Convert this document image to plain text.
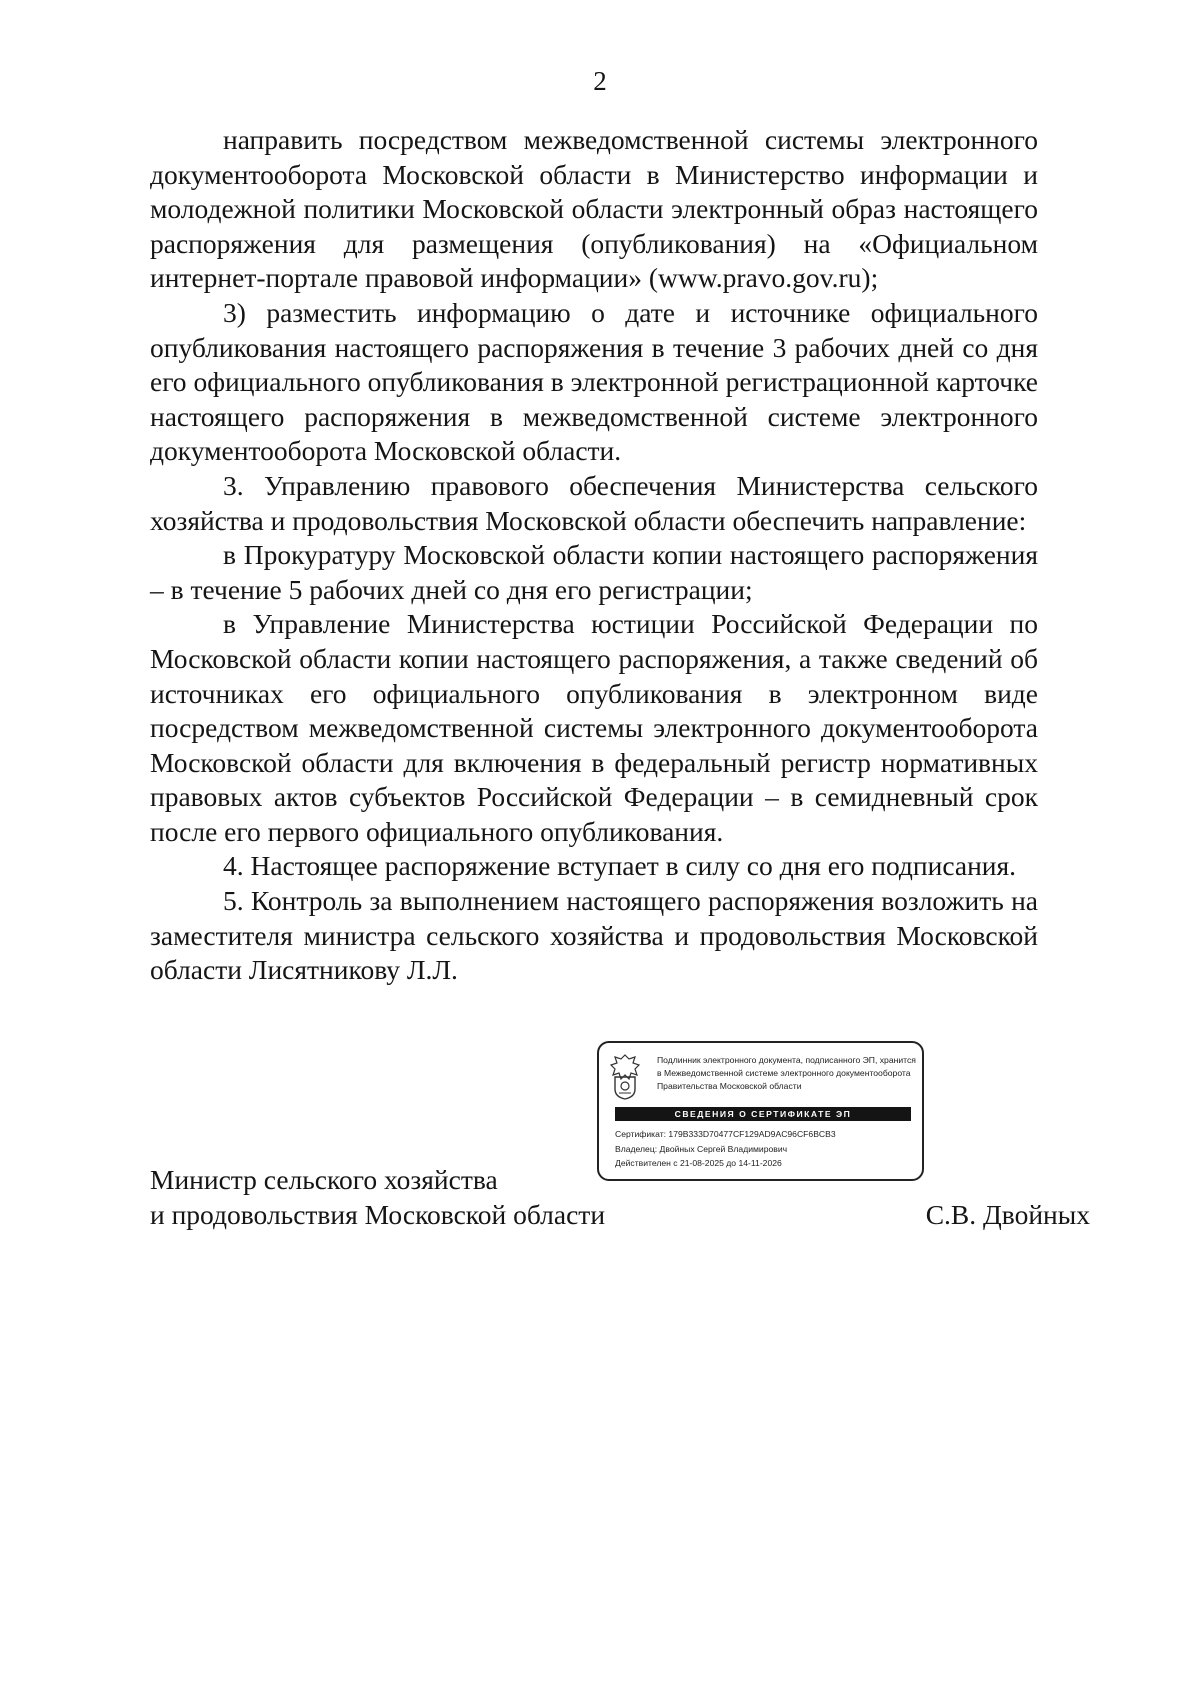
2

направить посредством межведомственной системы электронного документооборота Московской области в Министерство информации и молодежной политики Московской области электронный образ настоящего распоряжения для размещения (опубликования) на «Официальном интернет-портале правовой информации» (www.pravo.gov.ru);

3) разместить информацию о дате и источнике официального опубликования настоящего распоряжения в течение 3 рабочих дней со дня его официального опубликования в электронной регистрационной карточке настоящего распоряжения в межведомственной системе электронного документооборота Московской области.

3. Управлению правового обеспечения Министерства сельского хозяйства и продовольствия Московской области обеспечить направление:

в Прокуратуру Московской области копии настоящего распоряжения – в течение 5 рабочих дней со дня его регистрации;

в Управление Министерства юстиции Российской Федерации по Московской области копии настоящего распоряжения, а также сведений об источниках его официального опубликования в электронном виде посредством межведомственной системы электронного документооборота Московской области для включения в федеральный регистр нормативных правовых актов субъектов Российской Федерации – в семидневный срок после его первого официального опубликования.

4. Настоящее распоряжение вступает в силу со дня его подписания.

5. Контроль за выполнением настоящего распоряжения возложить на заместителя министра сельского хозяйства и продовольствия Московской области Лисятникову Л.Л.

Подлинник электронного документа, подписанного ЭП, хранится в Межведомственной системе электронного документооборота Правительства Московской области
СВЕДЕНИЯ О СЕРТИФИКАТЕ ЭП
Сертификат: 179B333D70477CF129AD9AC96CF6BCB3
Владелец: Двойных Сергей Владимирович
Действителен с 21-08-2025 до 14-11-2026
Министр сельского хозяйства
и продовольствия Московской области	С.В. Двойных
